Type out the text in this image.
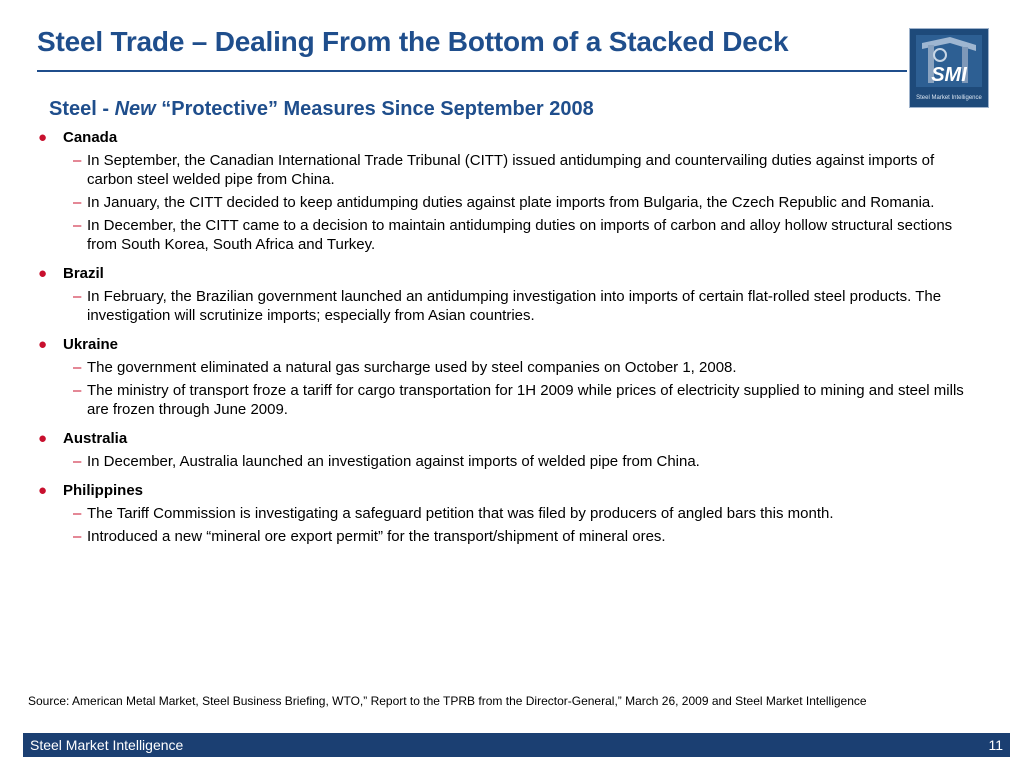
Steel Trade – Dealing From the Bottom of a Stacked Deck
SMI
Steel Market Intelligence
Steel - New “Protective” Measures Since September 2008
● Canada
– In September, the Canadian International Trade Tribunal (CITT) issued antidumping and countervailing duties against imports of carbon steel welded pipe from China.
– In January, the CITT decided to keep antidumping duties against plate imports from Bulgaria, the Czech Republic and Romania.
– In December, the CITT came to a decision to maintain antidumping duties on imports of carbon and alloy hollow structural sections from South Korea, South Africa and Turkey.
● Brazil
– In February, the Brazilian government launched an antidumping investigation into imports of certain flat-rolled steel products. The investigation will scrutinize imports; especially from Asian countries.
● Ukraine
– The government eliminated a natural gas surcharge used by steel companies on October 1, 2008.
– The ministry of transport froze a tariff for cargo transportation for 1H 2009 while prices of electricity supplied to mining and steel mills are frozen through June 2009.
● Australia
– In December, Australia launched an investigation against imports of welded pipe from China.
● Philippines
– The Tariff Commission is investigating a safeguard petition that was filed by producers of angled bars this month.
– Introduced a new “mineral ore export permit” for the transport/shipment of mineral ores.
Source: American Metal Market, Steel Business Briefing, WTO,” Report to the TPRB from the Director-General,” March 26, 2009 and Steel Market Intelligence
Steel Market Intelligence	11
